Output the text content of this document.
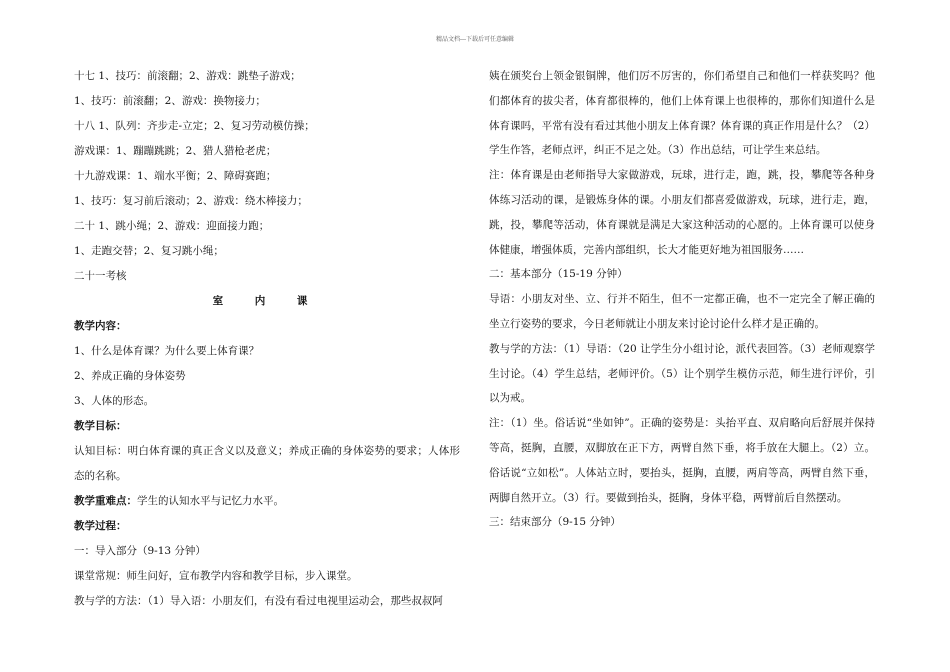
精品文档---下载后可任意编辑
十七 1、技巧：前滚翻；2、游戏：跳垫子游戏；
1、技巧：前滚翻；2、游戏：换物接力；
十八 1、队列：齐步走-立定；2、复习劳动模仿操；
游戏课：1、蹦蹦跳跳；2、猎人猎枪老虎；
十九游戏课：1、端水平衡；2、障碍赛跑；
1、技巧：复习前后滚动；2、游戏：绕木棒接力；
二十 1、跳小绳；2、游戏：迎面接力跑；
1、走跑交替；2、复习跳小绳；
二十一考核
室 内 课
教学内容：
1、什么是体育课？为什么要上体育课？
2、养成正确的身体姿势
3、人体的形态。
教学目标：
认知目标：明白体育课的真正含义以及意义；养成正确的身体姿势的要求；人体形态的名称。
教学重难点：学生的认知水平与记忆力水平。
教学过程：
一：导入部分（9-13 分钟）
课堂常规：师生问好，宣布教学内容和教学目标，步入课堂。
教与学的方法：（1）导入语：小朋友们，有没有看过电视里运动会，那些叔叔阿
姨在颁奖台上领金银铜牌，他们厉不厉害的，你们希望自己和他们一样获奖吗？他们都体育的拔尖者，体育都很棒的，他们上体育课上也很棒的，那你们知道什么是体育课吗，平常有没有看过其他小朋友上体育课？体育课的真正作用是什么？（2）学生作答，老师点评，纠正不足之处。（3）作出总结，可让学生来总结。
注：体育课是由老师指导大家做游戏，玩球，进行走，跑，跳，投，攀爬等各种身体练习活动的课，是锻炼身体的课。小朋友们都喜爱做游戏，玩球，进行走，跑，跳，投，攀爬等活动，体育课就是满足大家这种活动的心愿的。上体育课可以使身体健康，增强体质，完善内部组织，长大才能更好地为祖国服务……
二：基本部分（15-19 分钟）
导语：小朋友对坐、立、行并不陌生，但不一定都正确，也不一定完全了解正确的坐立行姿势的要求，今日老师就让小朋友来讨论讨论什么样才是正确的。
教与学的方法：（1）导语：（20 让学生分小组讨论，派代表回答。（3）老师观察学生讨论。（4）学生总结，老师评价。（5）让个别学生模仿示范，师生进行评价，引以为戒。
注：（1）坐。俗话说“坐如钟”。正确的姿势是：头抬平直、双肩略向后舒展并保持等高，挺胸，直腰，双脚放在正下方，两臂自然下垂，将手放在大腿上。（2）立。俗话说“立如松”。人体站立时，要抬头，挺胸，直腰，两肩等高，两臂自然下垂，两脚自然开立。（3）行。要做到抬头，挺胸，身体平稳，两臂前后自然摆动。
三：结束部分（9-15 分钟）
